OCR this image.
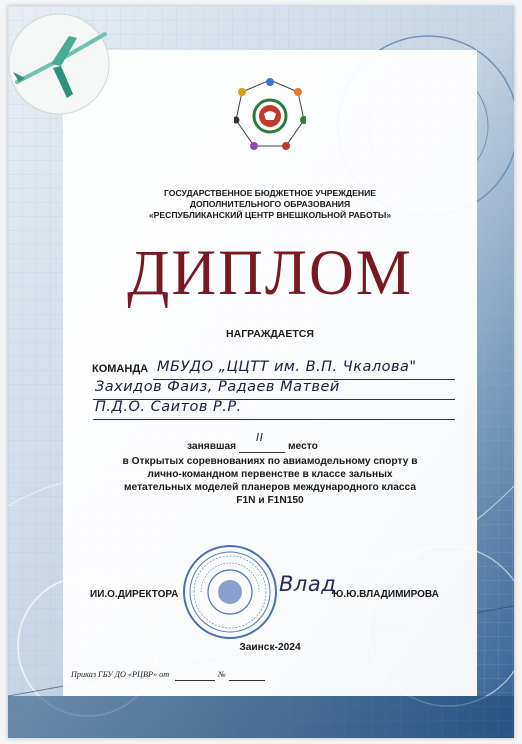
ГОСУДАРСТВЕННОЕ БЮДЖЕТНОЕ УЧРЕЖДЕНИЕ
ДОПОЛНИТЕЛЬНОГО ОБРАЗОВАНИЯ
«РЕСПУБЛИКАНСКИЙ ЦЕНТР ВНЕШКОЛЬНОЙ РАБОТЫ»
ДИПЛОМ
НАГРАЖДАЕТСЯ
КОМАНДА МБУДО „ЦЦТТ им. В.П. Чкалова"
Захидов Фаиз, Радаев Матвей
П.Д.О. Саитов Р.Р.
занявшая
II
место
в Открытых соревнованиях по авиамодельному спорту в
лично-командном первенстве в классе зальных
метательных моделей планеров международного класса
F1N и F1N150
ИИ.О.ДИРЕКТОРА	Влад
Ю.Ю.ВЛАДИМИРОВА
Заинск-2024
Приказ ГБУ ДО «РЦВР» от	№
